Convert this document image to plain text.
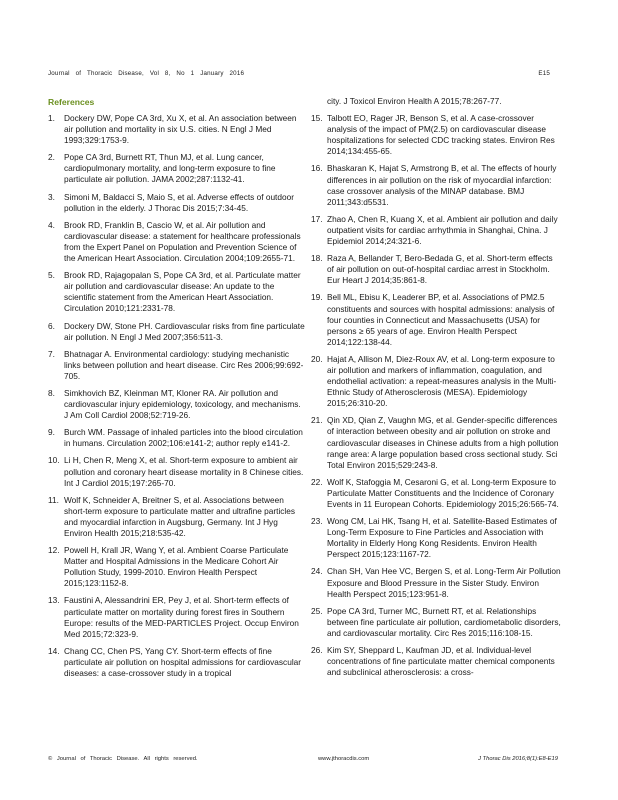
Journal of Thoracic Disease, Vol 8, No 1 January 2016	E15
References
1. Dockery DW, Pope CA 3rd, Xu X, et al. An association between air pollution and mortality in six U.S. cities. N Engl J Med 1993;329:1753-9.
2. Pope CA 3rd, Burnett RT, Thun MJ, et al. Lung cancer, cardiopulmonary mortality, and long-term exposure to fine particulate air pollution. JAMA 2002;287:1132-41.
3. Simoni M, Baldacci S, Maio S, et al. Adverse effects of outdoor pollution in the elderly. J Thorac Dis 2015;7:34-45.
4. Brook RD, Franklin B, Cascio W, et al. Air pollution and cardiovascular disease: a statement for healthcare professionals from the Expert Panel on Population and Prevention Science of the American Heart Association. Circulation 2004;109:2655-71.
5. Brook RD, Rajagopalan S, Pope CA 3rd, et al. Particulate matter air pollution and cardiovascular disease: An update to the scientific statement from the American Heart Association. Circulation 2010;121:2331-78.
6. Dockery DW, Stone PH. Cardiovascular risks from fine particulate air pollution. N Engl J Med 2007;356:511-3.
7. Bhatnagar A. Environmental cardiology: studying mechanistic links between pollution and heart disease. Circ Res 2006;99:692-705.
8. Simkhovich BZ, Kleinman MT, Kloner RA. Air pollution and cardiovascular injury epidemiology, toxicology, and mechanisms. J Am Coll Cardiol 2008;52:719-26.
9. Burch WM. Passage of inhaled particles into the blood circulation in humans. Circulation 2002;106:e141-2; author reply e141-2.
10. Li H, Chen R, Meng X, et al. Short-term exposure to ambient air pollution and coronary heart disease mortality in 8 Chinese cities. Int J Cardiol 2015;197:265-70.
11. Wolf K, Schneider A, Breitner S, et al. Associations between short-term exposure to particulate matter and ultrafine particles and myocardial infarction in Augsburg, Germany. Int J Hyg Environ Health 2015;218:535-42.
12. Powell H, Krall JR, Wang Y, et al. Ambient Coarse Particulate Matter and Hospital Admissions in the Medicare Cohort Air Pollution Study, 1999-2010. Environ Health Perspect 2015;123:1152-8.
13. Faustini A, Alessandrini ER, Pey J, et al. Short-term effects of particulate matter on mortality during forest fires in Southern Europe: results of the MED-PARTICLES Project. Occup Environ Med 2015;72:323-9.
14. Chang CC, Chen PS, Yang CY. Short-term effects of fine particulate air pollution on hospital admissions for cardiovascular diseases: a case-crossover study in a tropical
city. J Toxicol Environ Health A 2015;78:267-77.
15. Talbott EO, Rager JR, Benson S, et al. A case-crossover analysis of the impact of PM(2.5) on cardiovascular disease hospitalizations for selected CDC tracking states. Environ Res 2014;134:455-65.
16. Bhaskaran K, Hajat S, Armstrong B, et al. The effects of hourly differences in air pollution on the risk of myocardial infarction: case crossover analysis of the MINAP database. BMJ 2011;343:d5531.
17. Zhao A, Chen R, Kuang X, et al. Ambient air pollution and daily outpatient visits for cardiac arrhythmia in Shanghai, China. J Epidemiol 2014;24:321-6.
18. Raza A, Bellander T, Bero-Bedada G, et al. Short-term effects of air pollution on out-of-hospital cardiac arrest in Stockholm. Eur Heart J 2014;35:861-8.
19. Bell ML, Ebisu K, Leaderer BP, et al. Associations of PM2.5 constituents and sources with hospital admissions: analysis of four counties in Connecticut and Massachusetts (USA) for persons ≥ 65 years of age. Environ Health Perspect 2014;122:138-44.
20. Hajat A, Allison M, Diez-Roux AV, et al. Long-term exposure to air pollution and markers of inflammation, coagulation, and endothelial activation: a repeat-measures analysis in the Multi-Ethnic Study of Atherosclerosis (MESA). Epidemiology 2015;26:310-20.
21. Qin XD, Qian Z, Vaughn MG, et al. Gender-specific differences of interaction between obesity and air pollution on stroke and cardiovascular diseases in Chinese adults from a high pollution range area: A large population based cross sectional study. Sci Total Environ 2015;529:243-8.
22. Wolf K, Stafoggia M, Cesaroni G, et al. Long-term Exposure to Particulate Matter Constituents and the Incidence of Coronary Events in 11 European Cohorts. Epidemiology 2015;26:565-74.
23. Wong CM, Lai HK, Tsang H, et al. Satellite-Based Estimates of Long-Term Exposure to Fine Particles and Association with Mortality in Elderly Hong Kong Residents. Environ Health Perspect 2015;123:1167-72.
24. Chan SH, Van Hee VC, Bergen S, et al. Long-Term Air Pollution Exposure and Blood Pressure in the Sister Study. Environ Health Perspect 2015;123:951-8.
25. Pope CA 3rd, Turner MC, Burnett RT, et al. Relationships between fine particulate air pollution, cardiometabolic disorders, and cardiovascular mortality. Circ Res 2015;116:108-15.
26. Kim SY, Sheppard L, Kaufman JD, et al. Individual-level concentrations of fine particulate matter chemical components and subclinical atherosclerosis: a cross-
© Journal of Thoracic Disease. All rights reserved.	www.jthoracdis.com	J Thorac Dis 2016;8(1):E8-E19
